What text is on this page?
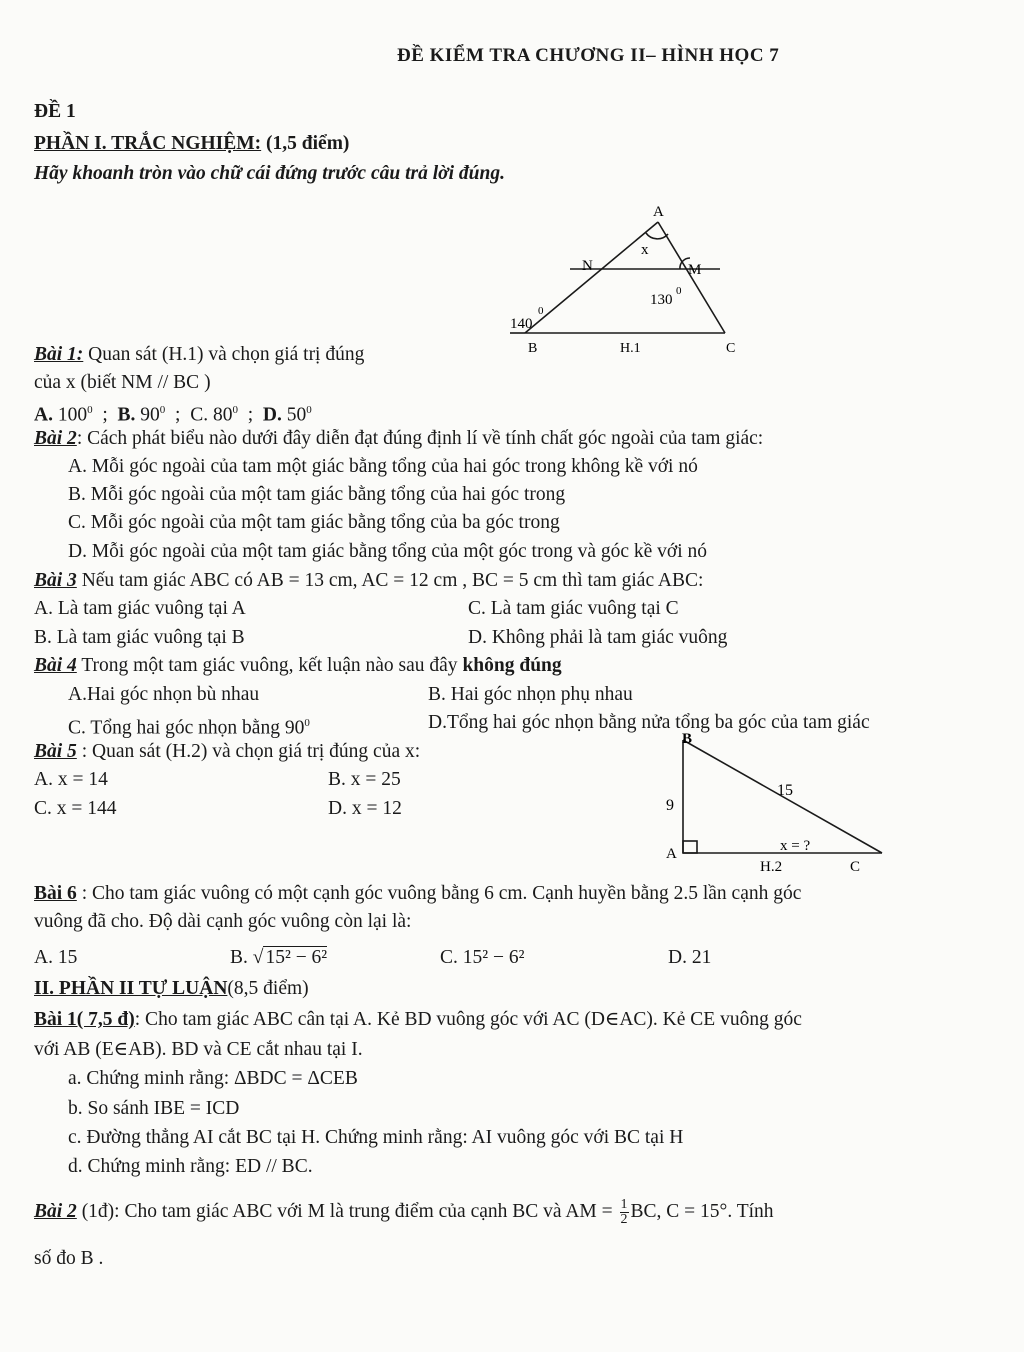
ĐỀ KIỂM TRA CHƯƠNG II– HÌNH HỌC 7
ĐỀ 1
PHẦN I. TRẮC NGHIỆM: (1,5 điểm)
Hãy khoanh tròn vào chữ cái đứng trước câu trả lời đúng.
A
x
N	M
130
0
140
0
B	H.1	C
Bài 1: Quan sát (H.1) và chọn giá trị đúng
của x (biết NM // BC )
A. $100^0$  ;  B. $90^0$  ;  C. $80^0$  ;  D. $50^0$
Bài 2: Cách phát biểu nào dưới đây diễn đạt đúng định lí về tính chất góc ngoài của tam giác:
A. Mỗi góc ngoài của tam một giác bằng tổng của hai góc trong không kề với nó
B. Mỗi góc ngoài của một tam giác bằng tổng của hai góc trong
C. Mỗi góc ngoài của một tam giác bằng tổng của ba góc trong
D. Mỗi góc ngoài của một tam giác bằng tổng của một góc trong và góc kề với nó
Bài 3 Nếu tam giác ABC có AB = 13 cm, AC = 12 cm , BC = 5 cm thì tam giác ABC:
A. Là tam giác vuông tại A	C. Là tam giác vuông tại C
B. Là tam giác vuông tại B	D. Không phải là tam giác vuông
Bài 4 Trong một tam giác vuông, kết luận nào sau đây không đúng
A.Hai góc nhọn bù nhau	B. Hai góc nhọn phụ nhau
C. Tổng hai góc nhọn bằng $90^0$	D.Tổng hai góc nhọn bằng nửa tổng ba góc của tam giác
Bài 5 : Quan sát (H.2) và chọn giá trị đúng của x:
A. x = 14	B. x = 25
C. x = 144	D. x = 12
B
15
9
A	x = ?
H.2	C
Bài 6 : Cho tam giác vuông có một cạnh góc vuông bằng 6 cm. Cạnh huyền bằng 2.5 lần cạnh góc
vuông đã cho. Độ dài cạnh góc vuông còn lại là:
A. 15	B. √ 15² − 6²	C. 15² − 6²	D. 21
II. PHẦN II TỰ LUẬN(8,5 điểm)
Bài 1( 7,5 đ): Cho tam giác ABC cân tại A. Kẻ BD vuông góc với AC (D∈AC). Kẻ CE vuông góc
với AB (E∈AB). BD và CE cắt nhau tại I.
a. Chứng minh rằng: ΔBDC = ΔCEB
b. So sánh IBE = ICD
c. Đường thẳng AI cắt BC tại H. Chứng minh rằng: AI vuông góc với BC tại H
d. Chứng minh rằng: ED // BC.
Bài 2 (1đ): Cho tam giác ABC với M là trung điểm của cạnh BC và AM = $\frac{1}{2}$ BC, C = 15°. Tính
số đo B .
